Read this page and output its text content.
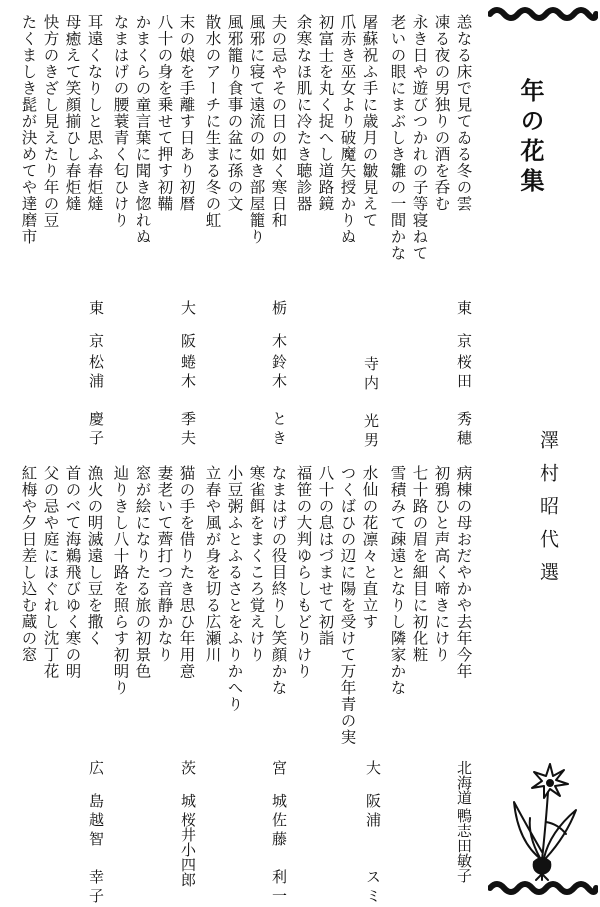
年の花集
澤村昭代選
恙なる床で見てゐる冬の雲
凍る夜の男独りの酒を呑む
永き日や遊びつかれの子等寝ねて
老いの眼にまぶしき雛の一間かな
屠蘇祝ふ手に歳月の皺見えて
爪赤き巫女より破魔矢授かりぬ
初富士を丸く捉へし道路鏡
余寒なほ肌に冷たき聴診器
夫の忌やその日の如く寒日和
風邪に寝て遠流の如き部屋籠り
風邪籠り食事の盆に孫の文
散水のアーチに生まる冬の虹
末の娘を手離す日あり初暦
八十の身を乗せて押す初鞴
かまくらの童言葉に聞き惚れぬ
なまはげの腰蓑青く匂ひけり
耳遠くなりしと思ふ春炬燵
母癒えて笑顔揃ひし春炬燵
快方のきざし見えたり年の豆
たくましき髭が決めてや達磨市
東京
桜田　秀穂
寺内　光男
栃木
鈴木　とき
大阪
蜷木　季夫
東京
松浦　慶子
病棟の母おだやかや去年今年
初鴉ひと声高く啼きにけり
七十路の眉を細目に初化粧
雪積みて疎遠となりし隣家かな
水仙の花凛々と直立す
つくばひの辺に陽を受けて万年青の実
八十の息はづませて初詣
福笹の大判ゆらしもどりけり
なまはげの役目終りし笑顔かな
寒雀餌をまくころ覚えけり
小豆粥ふとふるさとをふりかへり
立春や風が身を切る広瀬川
猫の手を借りたき思ひ年用意
妻老いて薺打つ音静かなり
窓が絵になりたる旅の初景色
辿りきし八十路を照らす初明り
漁火の明滅遠し豆を撒く
首のべて海鵜飛びゆく寒の明
父の忌や庭にほぐれし沈丁花
紅梅や夕日差し込む蔵の窓
北海道
鴨志田敏子
大阪
浦　　スミ
宮城
佐藤　利一
茨城
桜井小四郎
広島
越智　幸子
